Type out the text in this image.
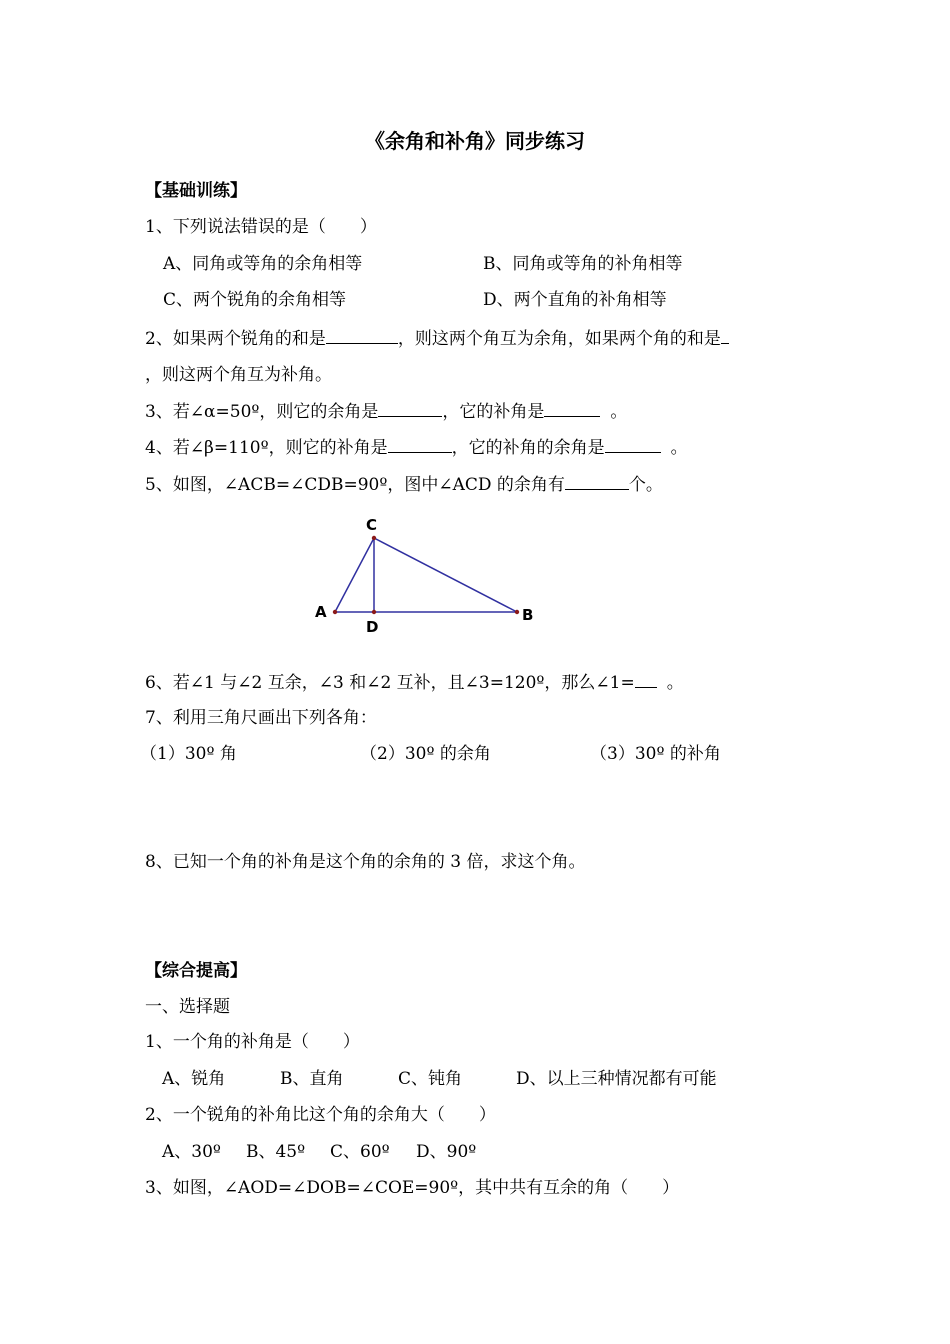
《余角和补角》同步练习
【基础训练】
1、下列说法错误的是（　　）
A、同角或等角的余角相等	B、同角或等角的补角相等
C、两个锐角的余角相等	D、两个直角的补角相等
2、如果两个锐角的和是	，则这两个角互为余角，如果两个角的和是
，则这两个角互为补角。
3、若∠α=50º，则它的余角是	，它的补角是	。
4、若∠β=110º，则它的补角是	，它的补角的余角是	。
5、如图，∠ACB=∠CDB=90º，图中∠ACD 的余角有	个。
C
A
D
B
6、若∠1 与∠2 互余，∠3 和∠2 互补，且∠3=120º，那么∠1= 。
7、利用三角尺画出下列各角：
（1）30º 角	（2）30º 的余角	（3）30º 的补角
8、已知一个角的补角是这个角的余角的 3 倍，求这个角。
【综合提高】
一、选择题
1、一个角的补角是（　　）
A、锐角	B、直角	C、钝角	D、以上三种情况都有可能
2、一个锐角的补角比这个角的余角大（　　）
A、30º B、45º C、60º D、90º
3、如图，∠AOD=∠DOB=∠COE=90º，其中共有互余的角（　　）
